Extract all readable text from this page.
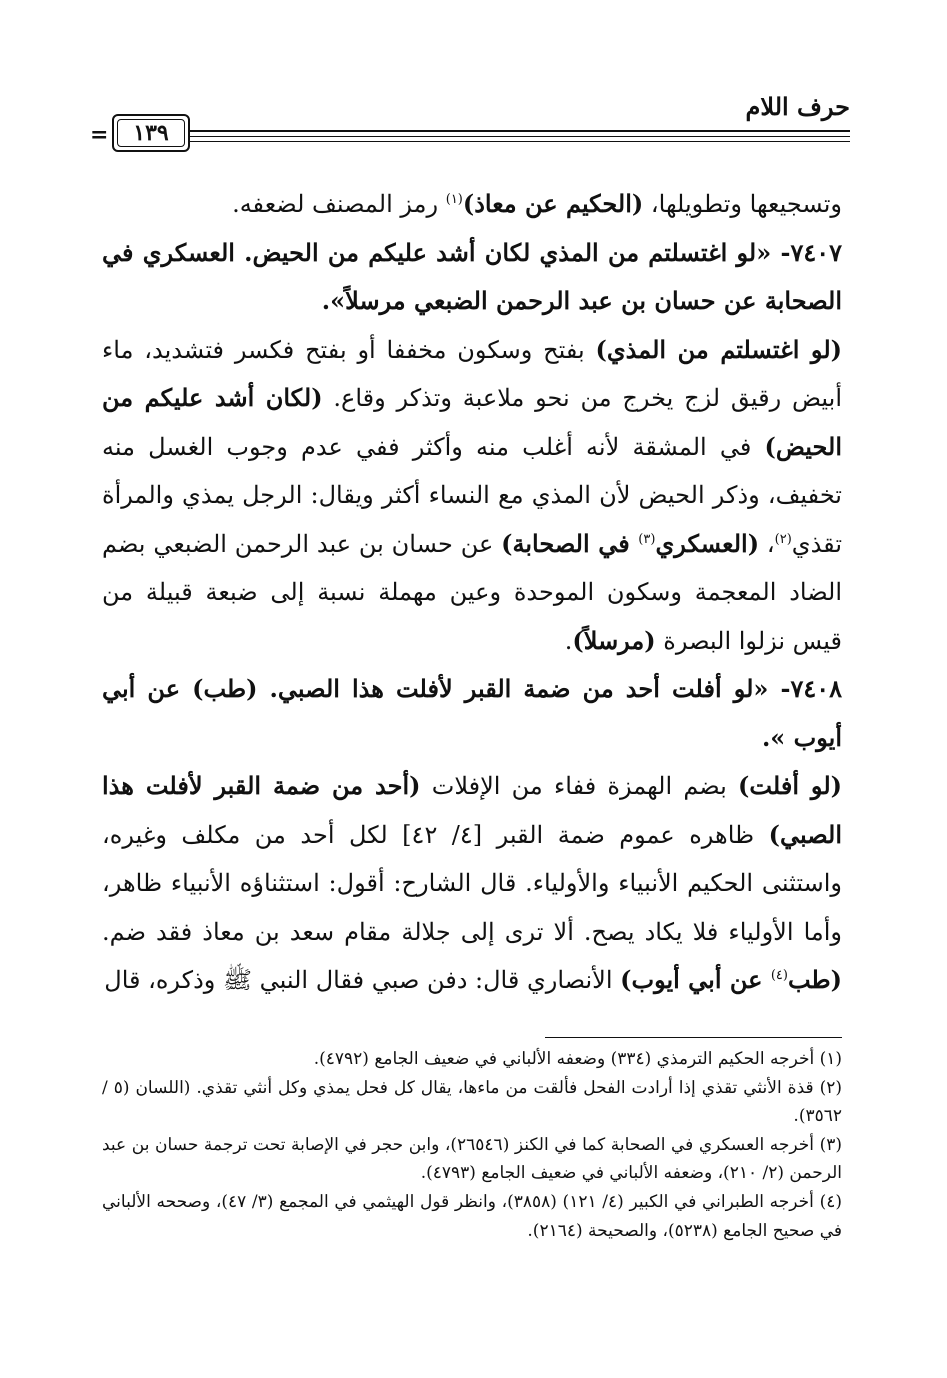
حرف اللام
=	١٣٩

وتسجيعها وتطويلها، (الحكيم عن معاذ)$^{(١)}$ رمز المصنف لضعفه.

٧٤٠٧- «لو اغتسلتم من المذي لكان أشد عليكم من الحيض. العسكري في الصحابة عن حسان بن عبد الرحمن الضبعي مرسلاً».

(لو اغتسلتم من المذي) بفتح وسكون مخففا أو بفتح فكسر فتشديد، ماء أبيض رقيق لزج يخرج من نحو ملاعبة وتذكر وقاع. (لكان أشد عليكم من الحيض) في المشقة لأنه أغلب منه وأكثر ففي عدم وجوب الغسل منه تخفيف، وذكر الحيض لأن المذي مع النساء أكثر ويقال: الرجل يمذي والمرأة تقذي$^{(٢)}$، (العسكري$^{(٣)}$ في الصحابة) عن حسان بن عبد الرحمن الضبعي بضم الضاد المعجمة وسكون الموحدة وعين مهملة نسبة إلى ضبعة قبيلة من قيس نزلوا البصرة (مرسلاً).

٧٤٠٨- «لو أفلت أحد من ضمة القبر لأفلت هذا الصبي. (طب) عن أبي أيوب ».

(لو أفلت) بضم الهمزة ففاء من الإفلات (أحد من ضمة القبر لأفلت هذا الصبي) ظاهره عموم ضمة القبر [٤/ ٤٢] لكل أحد من مكلف وغيره، واستثنى الحكيم الأنبياء والأولياء. قال الشارح: أقول: استثناؤه الأنبياء ظاهر، وأما الأولياء فلا يكاد يصح. ألا ترى إلى جلالة مقام سعد بن معاذ فقد ضم. (طب$^{(٤)}$ عن أبي أيوب) الأنصاري قال: دفن صبي فقال النبي ﷺ وذكره، قال

(١) أخرجه الحكيم الترمذي (٣٣٤) وضعفه الألباني في ضعيف الجامع (٤٧٩٢).

(٢) قذة الأنثي تقذي إذا أرادت الفحل فألقت من ماءها، يقال كل فحل يمذي وكل أنثي تقذي. (اللسان (٥ / ٣٥٦٢).

(٣) أخرجه العسكري في الصحابة كما في الكنز (٢٦٥٤٦)، وابن حجر في الإصابة تحت ترجمة حسان بن عبد الرحمن (٢/ ٢١٠)، وضعفه الألباني في ضعيف الجامع (٤٧٩٣).

(٤) أخرجه الطبراني في الكبير (٤/ ١٢١) (٣٨٥٨)، وانظر قول الهيثمي في المجمع (٣/ ٤٧)، وصححه الألباني في صحيح الجامع (٥٢٣٨)، والصحيحة (٢١٦٤).
